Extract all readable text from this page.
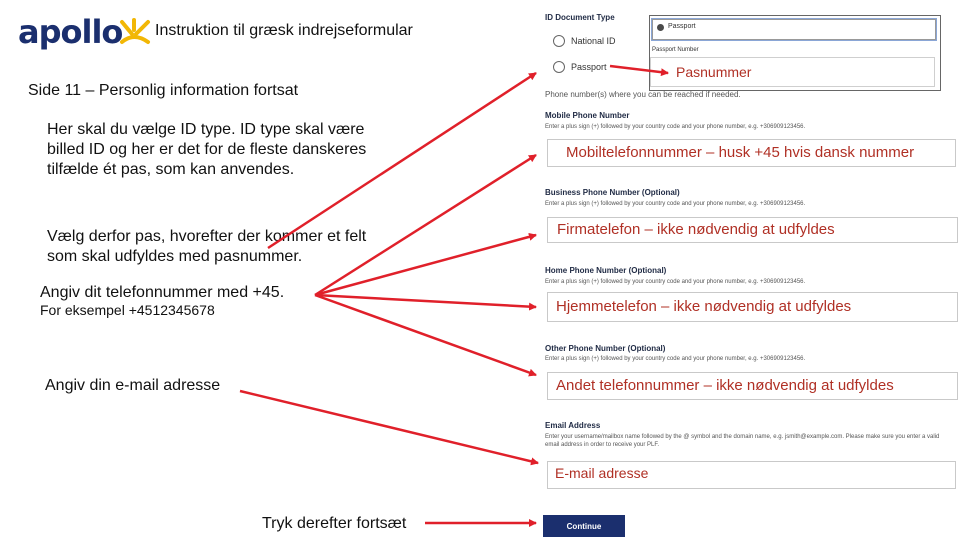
apollo Instruktion til græsk indrejseformular
Side 11 – Personlig information fortsat
Her skal du vælge ID type. ID type skal være billed ID og her er det for de fleste danskeres tilfælde ét pas, som kan anvendes.
Vælg derfor pas, hvorefter der kommer et felt som skal udfyldes med pasnummer.
Angiv dit telefonnummer med +45.
For eksempel +4512345678
Angiv din e-mail adresse
Tryk derefter fortsæt
ID Document Type
National ID
Passport
Passport
Passport Number
Pasnummer
Phone number(s) where you can be reached if needed.
Mobile Phone Number
Enter a plus sign (+) followed by your country code and your phone number, e.g. +306909123456.
Mobiltelefonnummer – husk +45 hvis dansk nummer
Business Phone Number (Optional)
Enter a plus sign (+) followed by your country code and your phone number, e.g. +306909123456.
Firmatelefon – ikke nødvendig at udfyldes
Home Phone Number (Optional)
Enter a plus sign (+) followed by your country code and your phone number, e.g. +306909123456.
Hjemmetelefon – ikke nødvendig at udfyldes
Other Phone Number (Optional)
Enter a plus sign (+) followed by your country code and your phone number, e.g. +306909123456.
Andet telefonnummer – ikke nødvendig at udfyldes
Email Address
Enter your username/mailbox name followed by the @ symbol and the domain name, e.g. jsmith@example.com. Please make sure you enter a valid email address in order to receive your PLF.
E-mail adresse
Continue
